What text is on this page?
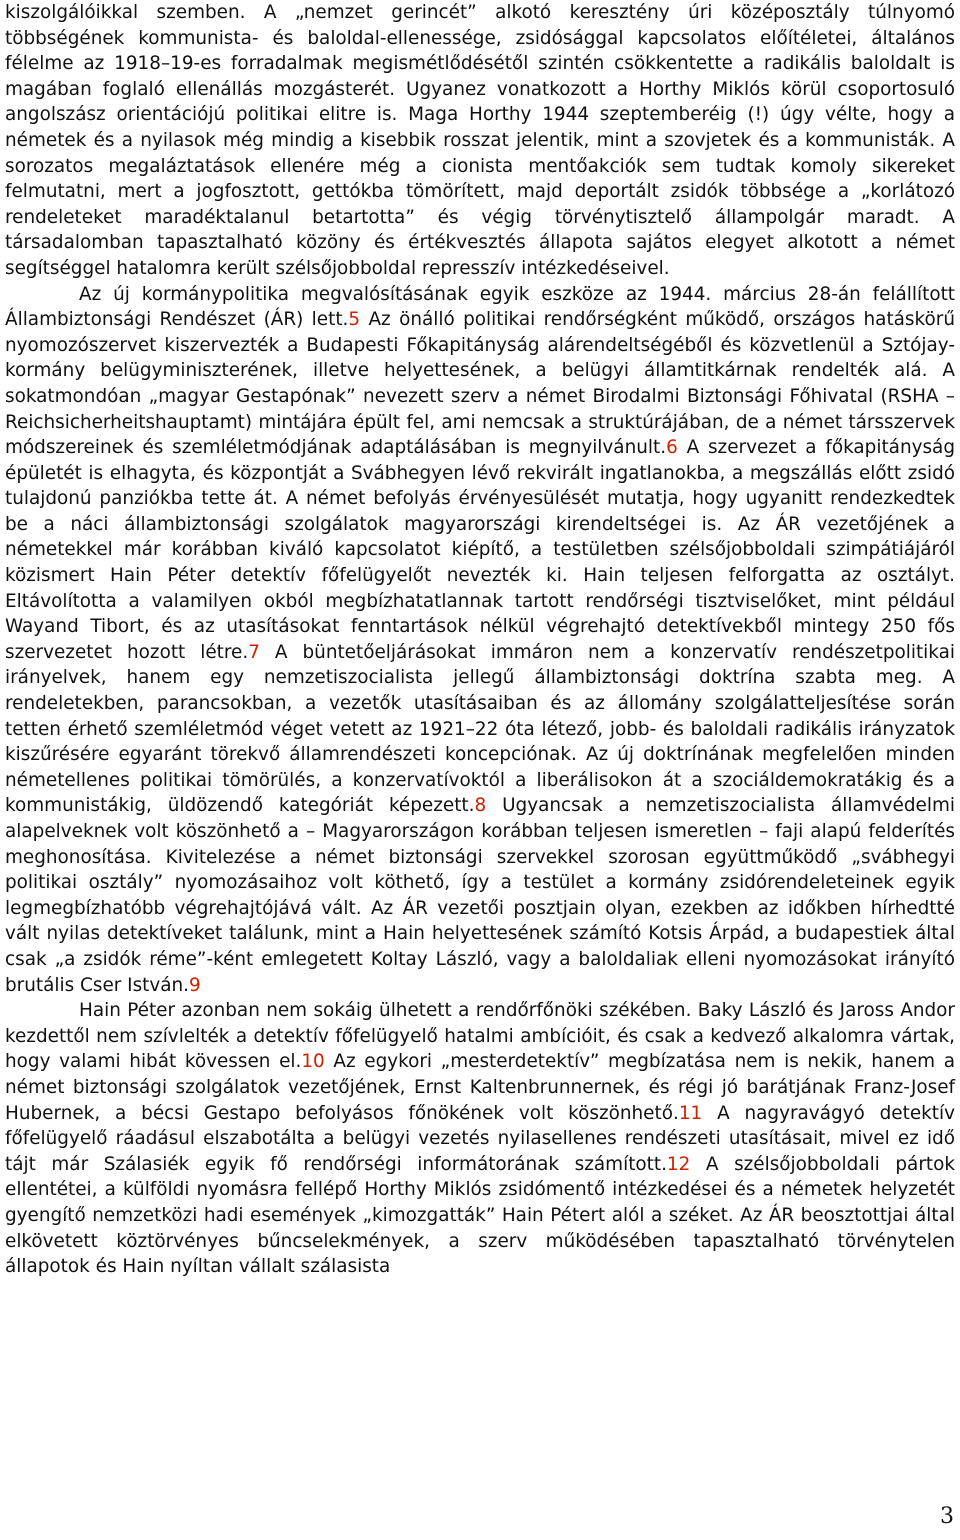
kiszolgálóikkal szemben. A „nemzet gerincét” alkotó keresztény úri középosztály túlnyomó többségének kommunista- és baloldal-ellenessége, zsidósággal kapcsolatos előítéletei, általános félelme az 1918–19-es forradalmak megismétlődésétől szintén csökkentette a radikális baloldalt is magában foglaló ellenállás mozgásterét. Ugyanez vonatkozott a Horthy Miklós körül csoportosuló angolszász orientációjú politikai elitre is. Maga Horthy 1944 szeptemberéig (!) úgy vélte, hogy a németek és a nyilasok még mindig a kisebbik rosszat jelentik, mint a szovjetek és a kommunisták. A sorozatos megaláztatások ellenére még a cionista mentőakciók sem tudtak komoly sikereket felmutatni, mert a jogfosztott, gettókba tömörített, majd deportált zsidók többsége a „korlátozó rendeleteket maradéktalanul betartotta” és végig törvénytisztelő állampolgár maradt. A társadalomban tapasztalható közöny és értékvesztés állapota sajátos elegyet alkotott a német segítséggel hatalomra került szélsőjobboldal represszív intézkedéseivel.

Az új kormánypolitika megvalósításának egyik eszköze az 1944. március 28-án felállított Állambiztonsági Rendészet (ÁR) lett.5 Az önálló politikai rendőrségként működő, országos hatáskörű nyomozószervet kiszervezték a Budapesti Főkapitányság alárendeltségéből és közvetlenül a Sztójay-kormány belügyminiszterének, illetve helyettesének, a belügyi államtitkárnak rendelték alá. A sokatmondóan „magyar Gestapónak” nevezett szerv a német Birodalmi Biztonsági Főhivatal (RSHA – Reichsicherheitshauptamt) mintájára épült fel, ami nemcsak a struktúrájában, de a német társszervek módszereinek és szemléletmódjának adaptálásában is megnyilvánult.6 A szervezet a főkapitányság épületét is elhagyta, és központját a Svábhegyen lévő rekvirált ingatlanokba, a megszállás előtt zsidó tulajdonú panziókba tette át. A német befolyás érvényesülését mutatja, hogy ugyanitt rendezkedtek be a náci állambiztonsági szolgálatok magyarországi kirendeltségei is. Az ÁR vezetőjének a németekkel már korábban kiváló kapcsolatot kiépítő, a testületben szélsőjobboldali szimpátiájáról közismert Hain Péter detektív főfelügyelőt nevezték ki. Hain teljesen felforgatta az osztályt. Eltávolította a valamilyen okból megbízhatatlannak tartott rendőrségi tisztviselőket, mint például Wayand Tibort, és az utasításokat fenntartások nélkül végrehajtó detektívekből mintegy 250 fős szervezetet hozott létre.7 A büntetőeljárásokat immáron nem a konzervatív rendészetpolitikai irányelvek, hanem egy nemzetiszocialista jellegű állambiztonsági doktrína szabta meg. A rendeletekben, parancsokban, a vezetők utasításaiban és az állomány szolgálatteljesítése során tetten érhető szemléletmód véget vetett az 1921–22 óta létező, jobb- és baloldali radikális irányzatok kiszűrésére egyaránt törekvő államrendészeti koncepciónak. Az új doktrínának megfelelően minden németellenes politikai tömörülés, a konzervatívoktól a liberálisokon át a szociáldemokratákig és a kommunistákig, üldözendő kategóriát képezett.8 Ugyancsak a nemzetiszocialista államvédelmi alapelveknek volt köszönhető a – Magyarországon korábban teljesen ismeretlen – faji alapú felderítés meghonosítása. Kivitelezése a német biztonsági szervekkel szorosan együttműködő „svábhegyi politikai osztály” nyomozásaihoz volt köthető, így a testület a kormány zsidórendeleteinek egyik legmegbízhatóbb végrehajtójává vált. Az ÁR vezetői posztjain olyan, ezekben az időkben hírhedtté vált nyilas detektíveket találunk, mint a Hain helyettesének számító Kotsis Árpád, a budapestiek által csak „a zsidók réme”-ként emlegetett Koltay László, vagy a baloldaliak elleni nyomozásokat irányító brutális Cser István.9

Hain Péter azonban nem sokáig ülhetett a rendőrfőnöki székében. Baky László és Jaross Andor kezdettől nem szívlelték a detektív főfelügyelő hatalmi ambícióit, és csak a kedvező alkalomra vártak, hogy valami hibát kövessen el.10 Az egykori „mesterdetektív” megbízatása nem is nekik, hanem a német biztonsági szolgálatok vezetőjének, Ernst Kaltenbrunnernek, és régi jó barátjának Franz-Josef Hubernek, a bécsi Gestapo befolyásos főnökének volt köszönhető.11 A nagyravágyó detektív főfelügyelő ráadásul elszabotálta a belügyi vezetés nyilasellenes rendészeti utasításait, mivel ez idő tájt már Szálasiék egyik fő rendőrségi informátorának számított.12 A szélsőjobboldali pártok ellentétei, a külföldi nyomásra fellépő Horthy Miklós zsidómentő intézkedései és a németek helyzetét gyengítő nemzetközi hadi események „kimozgatták” Hain Pétert alól a széket. Az ÁR beosztottjai által elkövetett köztörvényes bűncselekmények, a szerv működésében tapasztalható törvénytelen állapotok és Hain nyíltan vállalt szálasista

3
